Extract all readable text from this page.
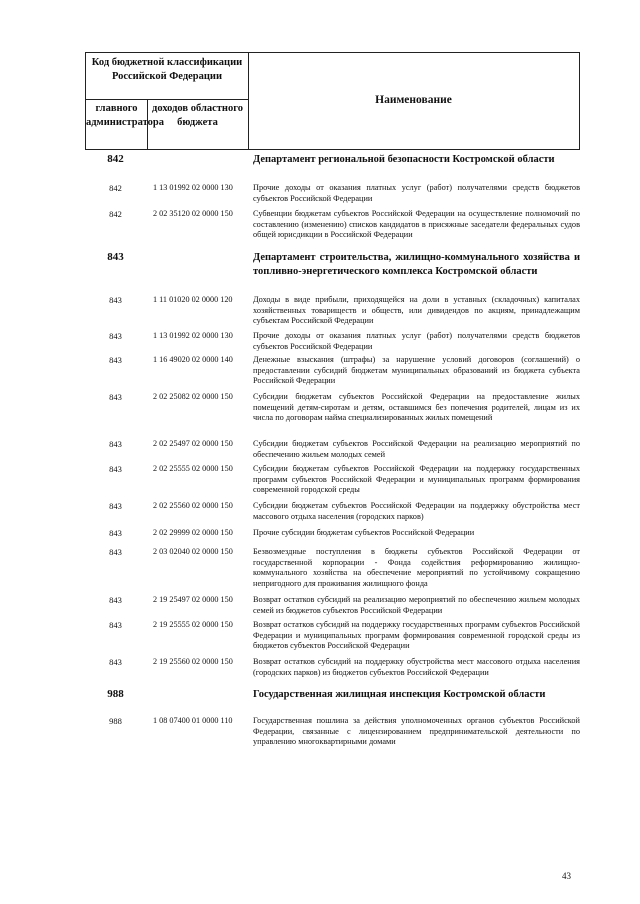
Код бюджетной классификации Российской Федерации
главного администратора
доходов областного бюджета
Наименование
842	Департамент региональной безопасности Костромской области
842	1 13 01992 02 0000 130	Прочие доходы от оказания платных услуг (работ) получателями средств бюджетов субъектов Российской Федерации
842	2 02 35120 02 0000 150	Субвенции бюджетам субъектов Российской Федерации на осуществление полномочий по составлению (изменению) списков кандидатов в присяжные заседатели федеральных судов общей юрисдикции в Российской Федерации
843	Департамент строительства, жилищно-коммунального хозяйства и топливно-энергетического комплекса Костромской области
843	1 11 01020 02 0000 120	Доходы в виде прибыли, приходящейся на доли в уставных (складочных) капиталах хозяйственных товариществ и обществ, или дивидендов по акциям, принадлежащим субъектам Российской Федерации
843	1 13 01992 02 0000 130	Прочие доходы от оказания платных услуг (работ) получателями средств бюджетов субъектов Российской Федерации
843	1 16 49020 02 0000 140	Денежные взыскания (штрафы) за нарушение условий договоров (соглашений) о предоставлении субсидий бюджетам муниципальных образований из бюджета субъекта Российской Федерации
843	2 02 25082 02 0000 150	Субсидии бюджетам субъектов Российской Федерации на предоставление жилых помещений детям-сиротам и детям, оставшимся без попечения родителей, лицам из их числа по договорам найма специализированных жилых помещений
843	2 02 25497 02 0000 150	Субсидии бюджетам субъектов Российской Федерации на реализацию мероприятий по обеспечению жильем молодых семей
843	2 02 25555 02 0000 150	Субсидии бюджетам субъектов Российской Федерации на поддержку государственных программ субъектов Российской Федерации и муниципальных программ формирования современной городской среды
843	2 02 25560 02 0000 150	Субсидии бюджетам субъектов Российской Федерации на поддержку обустройства мест массового отдыха населения (городских парков)
843	2 02 29999 02 0000 150	Прочие субсидии бюджетам субъектов Российской Федерации
843	2 03 02040 02 0000 150	Безвозмездные поступления в бюджеты субъектов Российской Федерации от государственной корпорации - Фонда содействия реформированию жилищно-коммунального хозяйства на обеспечение мероприятий по устойчивому сокращению непригодного для проживания жилищного фонда
843	2 19 25497 02 0000 150	Возврат остатков субсидий на реализацию мероприятий по обеспечению жильем молодых семей из бюджетов субъектов Российской Федерации
843	2 19 25555 02 0000 150	Возврат остатков субсидий на поддержку государственных программ субъектов Российской Федерации и муниципальных программ формирования современной городской среды из бюджетов субъектов Российской Федерации
843	2 19 25560 02 0000 150	Возврат остатков субсидий на поддержку обустройства мест массового отдыха населения (городских парков) из бюджетов субъектов Российской Федерации
988	Государственная жилищная инспекция Костромской области
988	1 08 07400 01 0000 110	Государственная пошлина за действия уполномоченных органов субъектов Российской Федерации, связанные с лицензированием предпринимательской деятельности по управлению многоквартирными домами
43
